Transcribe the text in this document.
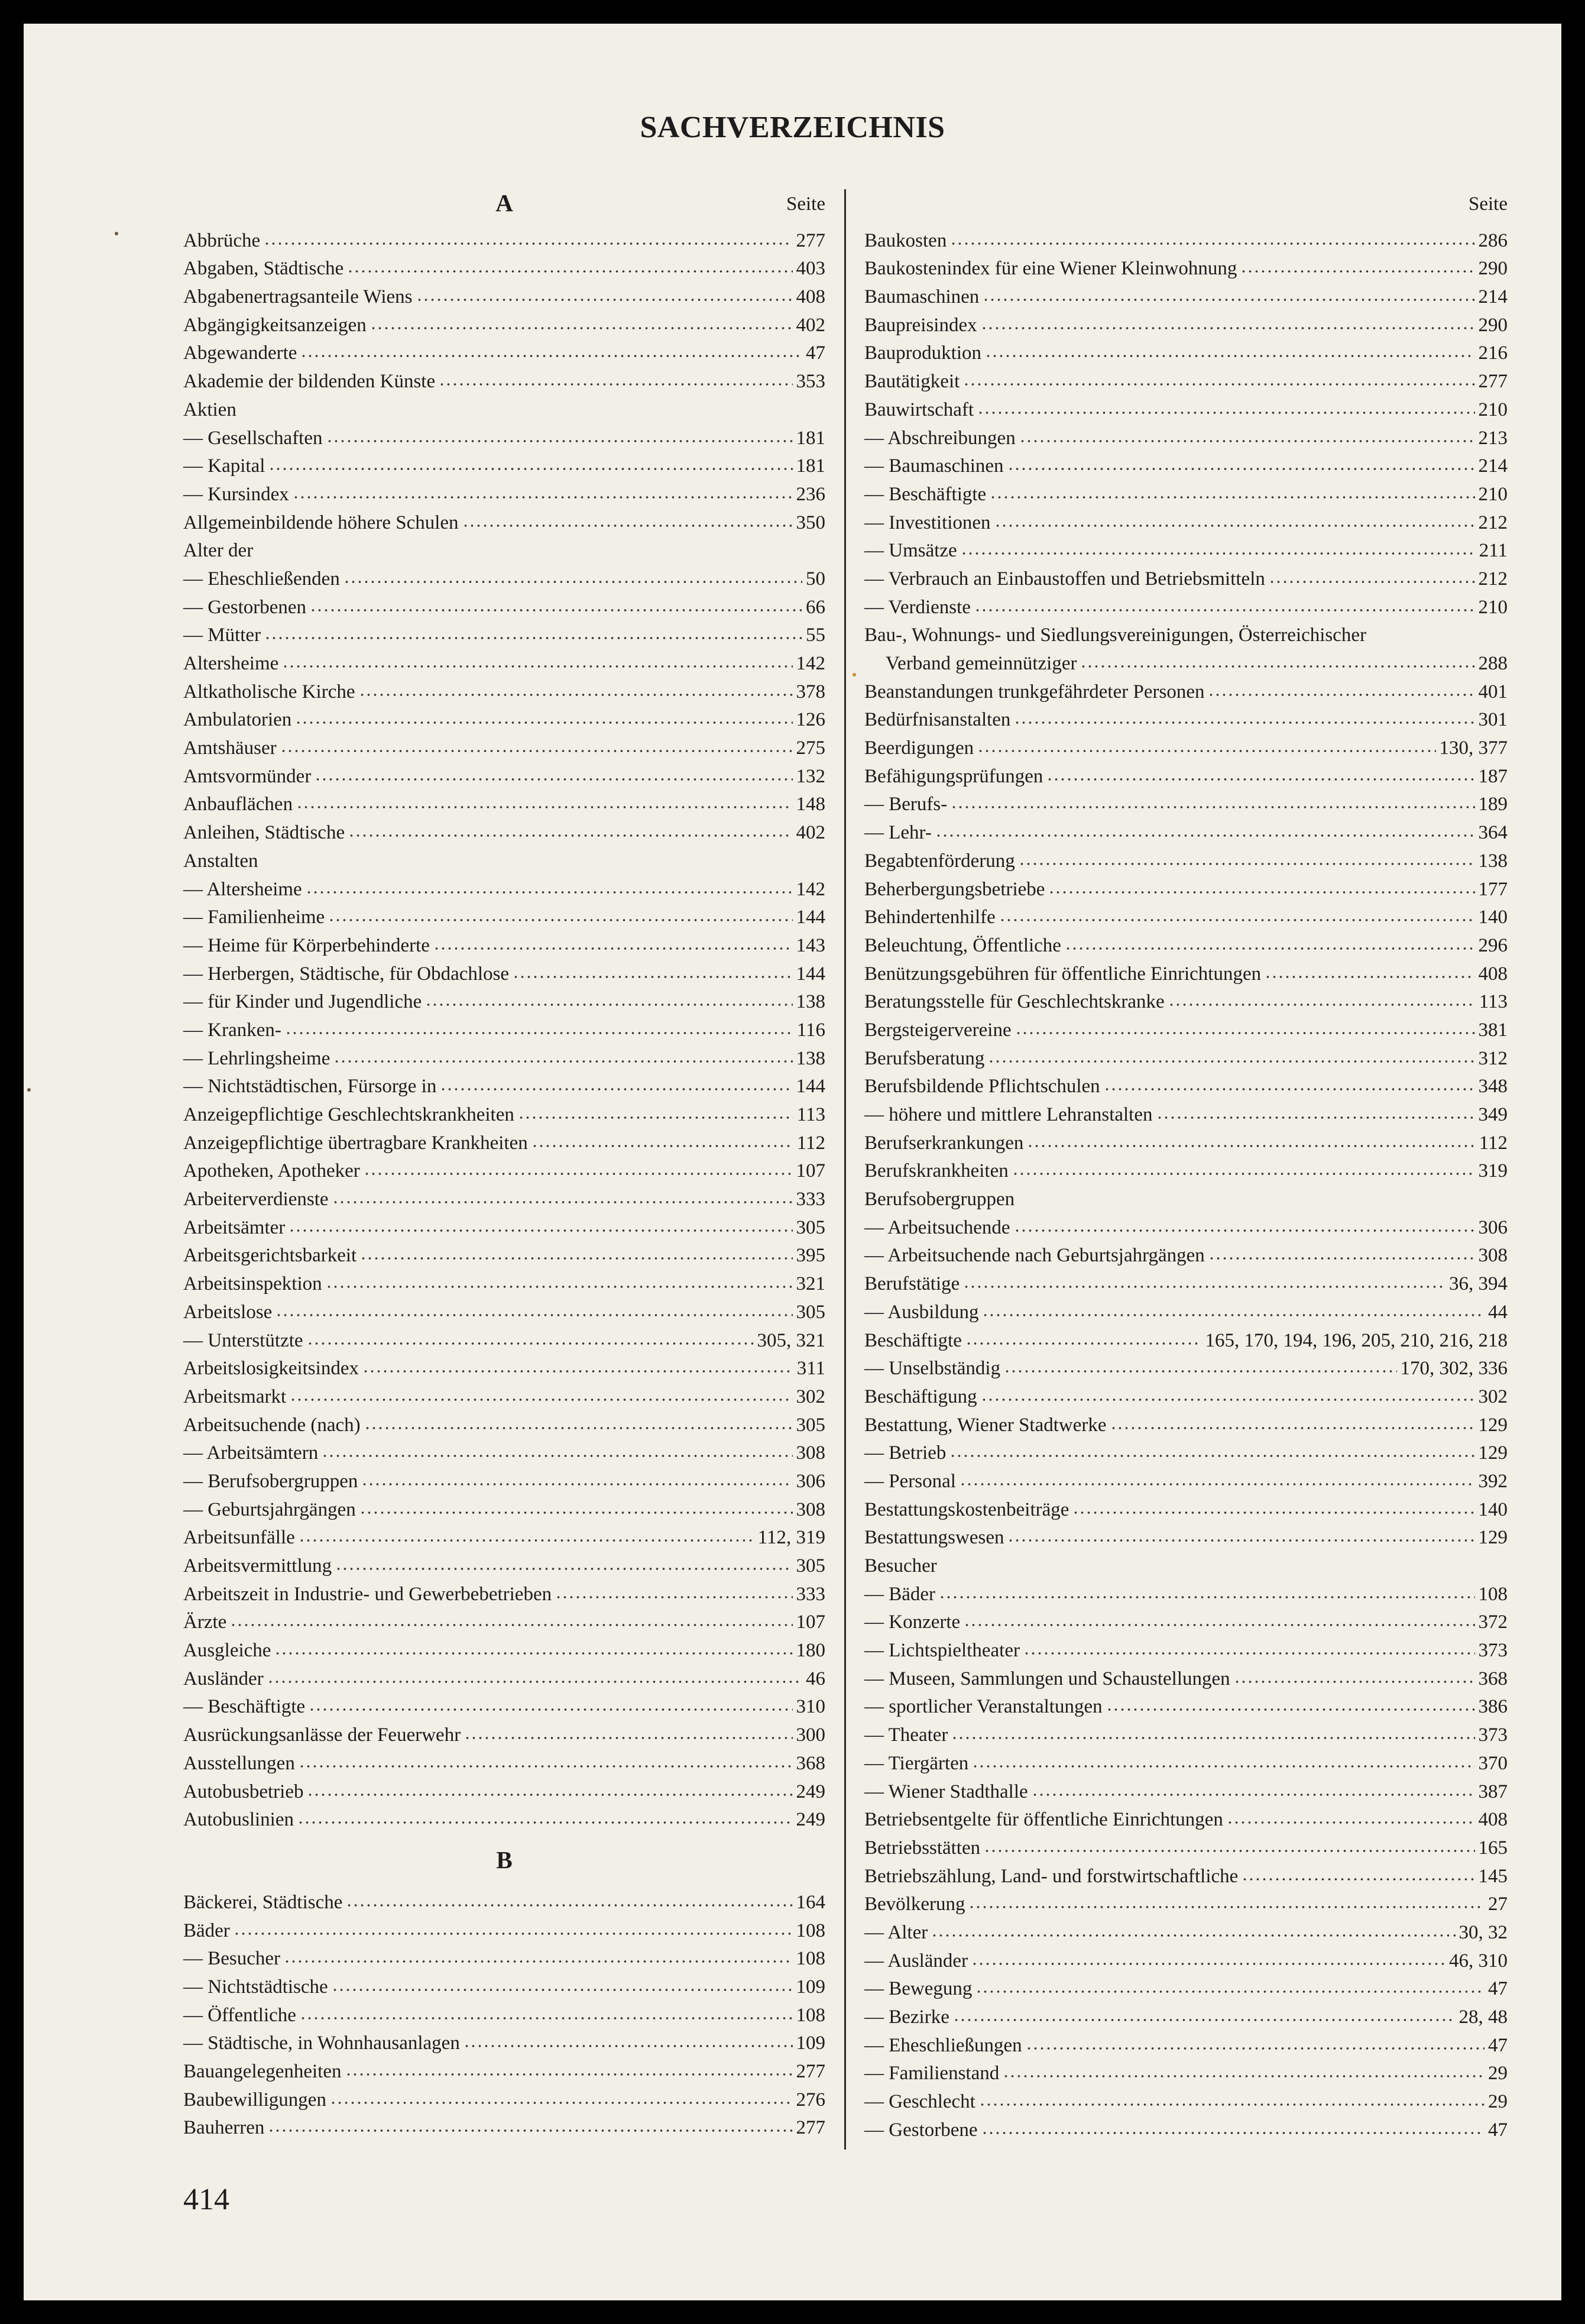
SACHVERZEICHNIS
A	Seite
Abbrüche	277
Abgaben, Städtische	403
Abgabenertragsanteile Wiens	408
Abgängigkeitsanzeigen	402
Abgewanderte	47
Akademie der bildenden Künste	353
Aktien
— Gesellschaften	181
— Kapital	181
— Kursindex	236
Allgemeinbildende höhere Schulen	350
Alter der
— Eheschließenden	50
— Gestorbenen	66
— Mütter	55
Altersheime	142
Altkatholische Kirche	378
Ambulatorien	126
Amtshäuser	275
Amtsvormünder	132
Anbauflächen	148
Anleihen, Städtische	402
Anstalten
— Altersheime	142
— Familienheime	144
— Heime für Körperbehinderte	143
— Herbergen, Städtische, für Obdachlose	144
— für Kinder und Jugendliche	138
— Kranken-	116
— Lehrlingsheime	138
— Nichtstädtischen, Fürsorge in	144
Anzeigepflichtige Geschlechtskrankheiten	113
Anzeigepflichtige übertragbare Krankheiten	112
Apotheken, Apotheker	107
Arbeiterverdienste	333
Arbeitsämter	305
Arbeitsgerichtsbarkeit	395
Arbeitsinspektion	321
Arbeitslose	305
— Unterstützte	305, 321
Arbeitslosigkeitsindex	311
Arbeitsmarkt	302
Arbeitsuchende (nach)	305
— Arbeitsämtern	308
— Berufsobergruppen	306
— Geburtsjahrgängen	308
Arbeitsunfälle	112, 319
Arbeitsvermittlung	305
Arbeitszeit in Industrie- und Gewerbebetrieben	333
Ärzte	107
Ausgleiche	180
Ausländer	46
— Beschäftigte	310
Ausrückungsanlässe der Feuerwehr	300
Ausstellungen	368
Autobusbetrieb	249
Autobuslinien	249
B
Bäckerei, Städtische	164
Bäder	108
— Besucher	108
— Nichtstädtische	109
— Öffentliche	108
— Städtische, in Wohnhausanlagen	109
Bauangelegenheiten	277
Baubewilligungen	276
Bauherren	277
Seite
Baukosten	286
Baukostenindex für eine Wiener Kleinwohnung	290
Baumaschinen	214
Baupreisindex	290
Bauproduktion	216
Bautätigkeit	277
Bauwirtschaft	210
— Abschreibungen	213
— Baumaschinen	214
— Beschäftigte	210
— Investitionen	212
— Umsätze	211
— Verbrauch an Einbaustoffen und Betriebsmitteln	212
— Verdienste	210
Bau-, Wohnungs- und Siedlungsvereinigungen, Österreichischer
Verband gemeinnütziger	288
Beanstandungen trunkgefährdeter Personen	401
Bedürfnisanstalten	301
Beerdigungen	130, 377
Befähigungsprüfungen	187
— Berufs-	189
— Lehr-	364
Begabtenförderung	138
Beherbergungsbetriebe	177
Behindertenhilfe	140
Beleuchtung, Öffentliche	296
Benützungsgebühren für öffentliche Einrichtungen	408
Beratungsstelle für Geschlechtskranke	113
Bergsteigervereine	381
Berufsberatung	312
Berufsbildende Pflichtschulen	348
— höhere und mittlere Lehranstalten	349
Berufserkrankungen	112
Berufskrankheiten	319
Berufsobergruppen
— Arbeitsuchende	306
— Arbeitsuchende nach Geburtsjahrgängen	308
Berufstätige	36, 394
— Ausbildung	44
Beschäftigte	165, 170, 194, 196, 205, 210, 216, 218
— Unselbständig	170, 302, 336
Beschäftigung	302
Bestattung, Wiener Stadtwerke	129
— Betrieb	129
— Personal	392
Bestattungskostenbeiträge	140
Bestattungswesen	129
Besucher
— Bäder	108
— Konzerte	372
— Lichtspieltheater	373
— Museen, Sammlungen und Schaustellungen	368
— sportlicher Veranstaltungen	386
— Theater	373
— Tiergärten	370
— Wiener Stadthalle	387
Betriebsentgelte für öffentliche Einrichtungen	408
Betriebsstätten	165
Betriebszählung, Land- und forstwirtschaftliche	145
Bevölkerung	27
— Alter	30, 32
— Ausländer	46, 310
— Bewegung	47
— Bezirke	28, 48
— Eheschließungen	47
— Familienstand	29
— Geschlecht	29
— Gestorbene	47
414
